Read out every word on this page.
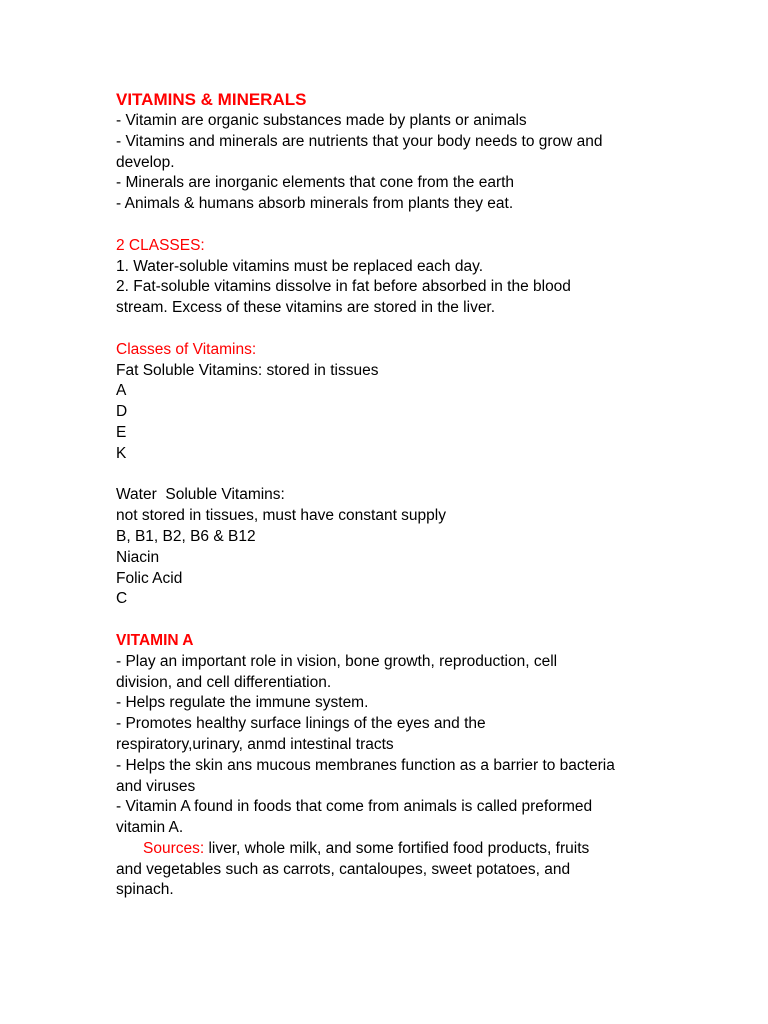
VITAMINS & MINERALS
- Vitamin are organic substances made by plants or animals
- Vitamins and minerals are nutrients that your body needs to grow and
develop.
- Minerals are inorganic elements that cone from the earth
- Animals & humans absorb minerals from plants they eat.
2 CLASSES:
1. Water-soluble vitamins must be replaced each day.
2. Fat-soluble vitamins dissolve in fat before absorbed in the blood
stream. Excess of these vitamins are stored in the liver.
Classes of Vitamins:
Fat Soluble Vitamins: stored in tissues
A
D
E
K
Water  Soluble Vitamins:
not stored in tissues, must have constant supply
B, B1, B2, B6 & B12
Niacin
Folic Acid
C
VITAMIN A
- Play an important role in vision, bone growth, reproduction, cell
division, and cell differentiation.
- Helps regulate the immune system.
- Promotes healthy surface linings of the eyes and the
respiratory,urinary, anmd intestinal tracts
- Helps the skin ans mucous membranes function as a barrier to bacteria
and viruses
- Vitamin A found in foods that come from animals is called preformed
vitamin A.
Sources: liver, whole milk, and some fortified food products, fruits
and vegetables such as carrots, cantaloupes, sweet potatoes, and
spinach.
